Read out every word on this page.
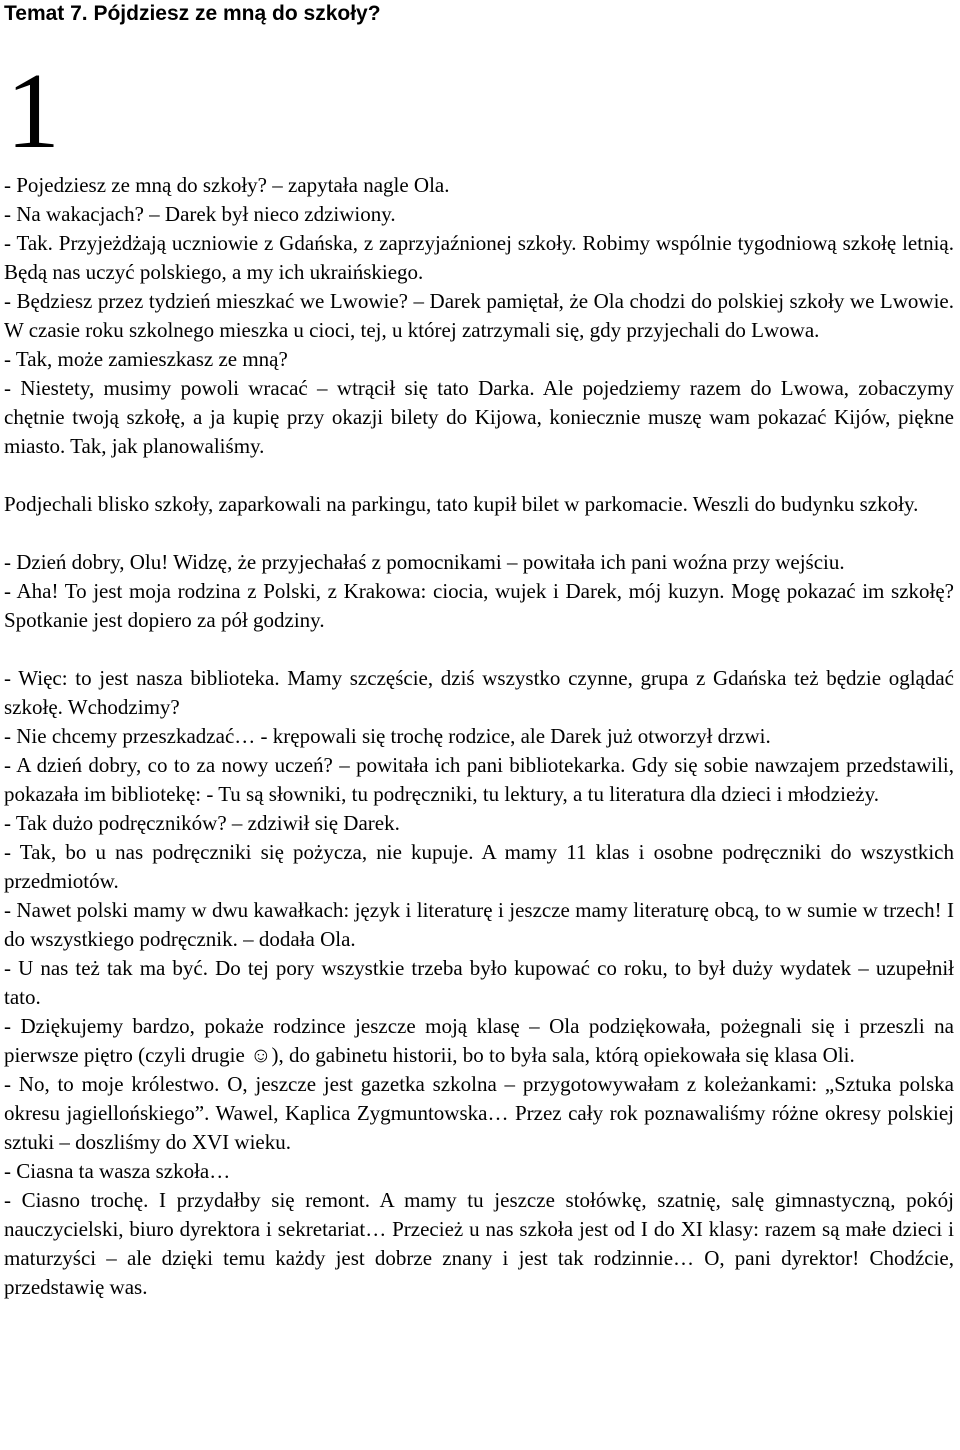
Temat 7. Pójdziesz ze mną do szkoły?
1

- Pojedziesz ze mną do szkoły? – zapytała nagle Ola.

- Na wakacjach? – Darek był nieco zdziwiony.

- Tak. Przyjeżdżają uczniowie z Gdańska, z zaprzyjaźnionej szkoły. Robimy wspólnie tygodniową szkołę letnią. Będą nas uczyć polskiego, a my ich ukraińskiego.

- Będziesz przez tydzień mieszkać we Lwowie? – Darek pamiętał, że Ola chodzi do polskiej szkoły we Lwowie. W czasie roku szkolnego mieszka u cioci, tej, u której zatrzymali się, gdy przyjechali do Lwowa.

- Tak, może zamieszkasz ze mną?

- Niestety, musimy powoli wracać – wtrącił się tato Darka. Ale pojedziemy razem do Lwowa, zobaczymy chętnie twoją szkołę, a ja kupię przy okazji bilety do Kijowa, koniecznie muszę wam pokazać Kijów, piękne miasto. Tak, jak planowaliśmy.

Podjechali blisko szkoły, zaparkowali na parkingu, tato kupił bilet w parkomacie. Weszli do budynku szkoły.

- Dzień dobry, Olu! Widzę, że przyjechałaś z pomocnikami – powitała ich pani woźna przy wejściu.

- Aha! To jest moja rodzina z Polski, z Krakowa: ciocia, wujek i Darek, mój kuzyn. Mogę pokazać im szkołę? Spotkanie jest dopiero za pół godziny.

- Więc: to jest nasza biblioteka. Mamy szczęście, dziś wszystko czynne, grupa z Gdańska też będzie oglądać szkołę. Wchodzimy?

- Nie chcemy przeszkadzać… - krępowali się trochę rodzice, ale Darek już otworzył drzwi.

- A dzień dobry, co to za nowy uczeń? – powitała ich pani bibliotekarka. Gdy się sobie nawzajem przedstawili, pokazała im bibliotekę: - Tu są słowniki, tu podręczniki, tu lektury, a tu literatura dla dzieci i młodzieży.

- Tak dużo podręczników? – zdziwił się Darek.

- Tak, bo u nas podręczniki się pożycza, nie kupuje. A mamy 11 klas i osobne podręczniki do wszystkich przedmiotów.

- Nawet polski mamy w dwu kawałkach: język i literaturę i jeszcze mamy literaturę obcą, to w sumie w trzech! I do wszystkiego podręcznik. – dodała Ola.

- U nas też tak ma być. Do tej pory wszystkie trzeba było kupować co roku, to był duży wydatek – uzupełnił tato.

- Dziękujemy bardzo, pokaże rodzince jeszcze moją klasę – Ola podziękowała, pożegnali się i przeszli na pierwsze piętro (czyli drugie ☺), do gabinetu historii, bo to była sala, którą opiekowała się klasa Oli.

- No, to moje królestwo. O, jeszcze jest gazetka szkolna – przygotowywałam z koleżankami: „Sztuka polska okresu jagiellońskiego”. Wawel, Kaplica Zygmuntowska… Przez cały rok poznawaliśmy różne okresy polskiej sztuki – doszliśmy do XVI wieku.

- Ciasna ta wasza szkoła…

- Ciasno trochę. I przydałby się remont. A mamy tu jeszcze stołówkę, szatnię, salę gimnastyczną, pokój nauczycielski, biuro dyrektora i sekretariat… Przecież u nas szkoła jest od I do XI klasy: razem są małe dzieci i maturzyści – ale dzięki temu każdy jest dobrze znany i jest tak rodzinnie… O, pani dyrektor! Chodźcie, przedstawię was.
